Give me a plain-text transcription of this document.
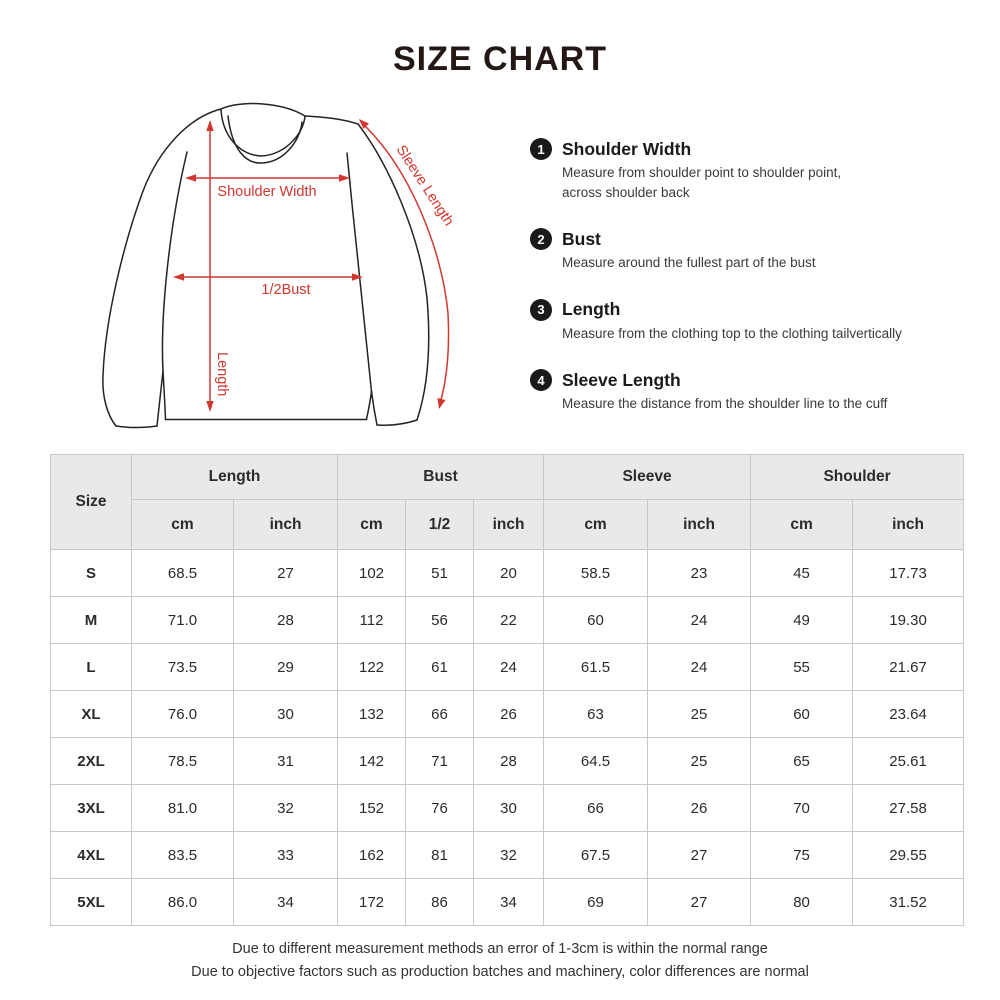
SIZE CHART
Shoulder Width
1/2Bust
Length
Sleeve Length	1 Shoulder Width
Measure from shoulder point to shoulder point,
across shoulder back
2 Bust
Measure around the fullest part of the bust
3 Length
Measure from the clothing top to the clothing tailvertically
4 Sleeve Length
Measure the distance from the shoulder line to the cuff
Size	Length		Bust			Sleeve		Shoulder	
	cm	inch	cm	1/2	inch	cm	inch	cm	inch
S	68.5	27	102	51	20	58.5	23	45	17.73
M	71.0	28	112	56	22	60	24	49	19.30
L	73.5	29	122	61	24	61.5	24	55	21.67
XL	76.0	30	132	66	26	63	25	60	23.64
2XL	78.5	31	142	71	28	64.5	25	65	25.61
3XL	81.0	32	152	76	30	66	26	70	27.58
4XL	83.5	33	162	81	32	67.5	27	75	29.55
5XL	86.0	34	172	86	34	69	27	80	31.52
Due to different measurement methods an error of 1-3cm is within the normal range
Due to objective factors such as production batches and machinery, color differences are normal
